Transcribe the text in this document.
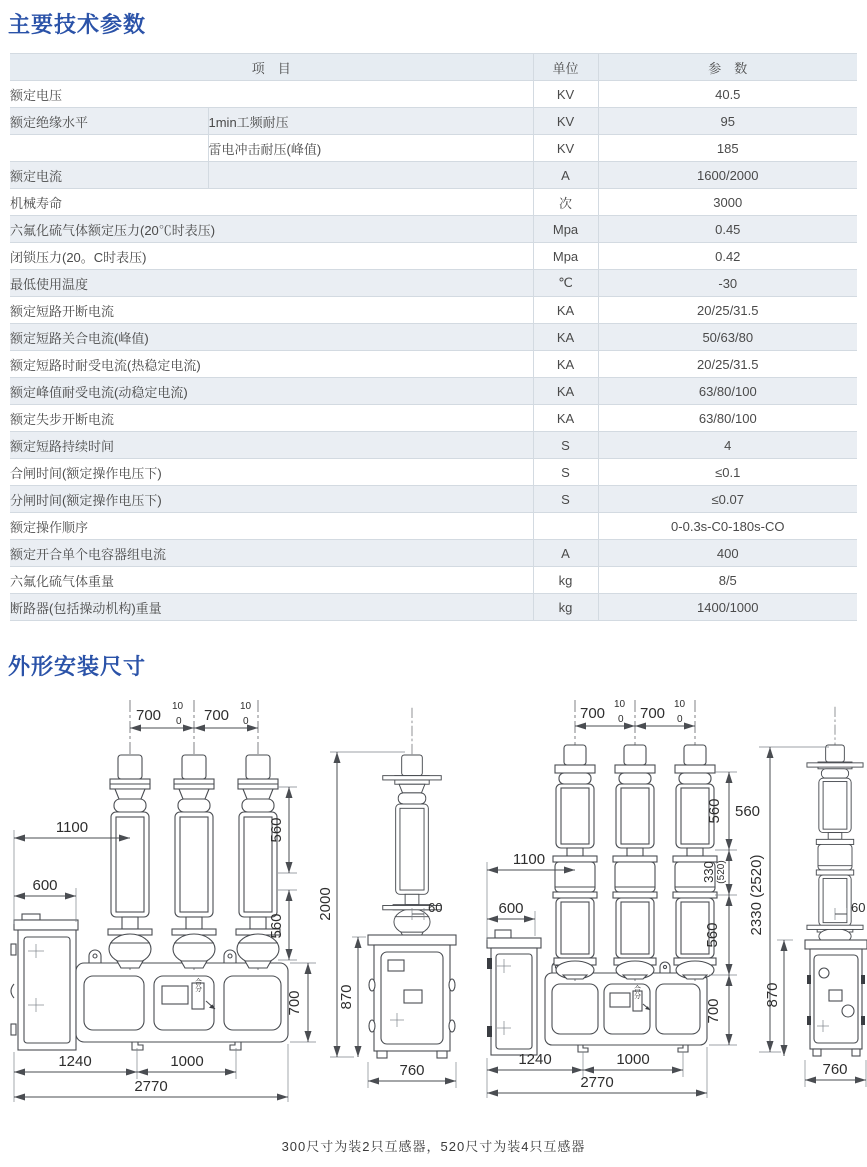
主要技术参数
项　目		单位	参　数
额定电压		KV	40.5
额定绝缘水平	1min工频耐压	KV	95
	雷电冲击耐压(峰值)	KV	185
额定电流		A	1600/2000
机械寿命		次	3000
六氟化硫气体额定压力(20℃时表压)		Mpa	0.45
闭锁压力(20。C时表压)		Mpa	0.42
最低使用温度		℃	-30
额定短路开断电流		KA	20/25/31.5
额定短路关合电流(峰值)		KA	50/63/80
额定短路时耐受电流(热稳定电流)		KA	20/25/31.5
额定峰值耐受电流(动稳定电流)		KA	63/80/100
额定失步开断电流		KA	63/80/100
额定短路持续时间		S	4
合闸时间(额定操作电压下)		S	≤0.1
分闸时间(额定操作电压下)		S	≤0.07
额定操作顺序			0-0.3s-C0-180s-CO
额定开合单个电容器组电流		A	400
六氟化硫气体重量		kg	8/5
断路器(包括操动机构)重量		kg	1400/1000
外形安装尺寸
合分
700
10
0 700
10
0
1100
600
560
560
700
2000
870
60
760
1240	1000
2770
合分
700
10
0 700
10
0
1100
600
560 560
330 (520)
560
700
2330 (2520)
870
60
760
1240	1000
2770
300尺寸为装2只互感器，520尺寸为装4只互感器
